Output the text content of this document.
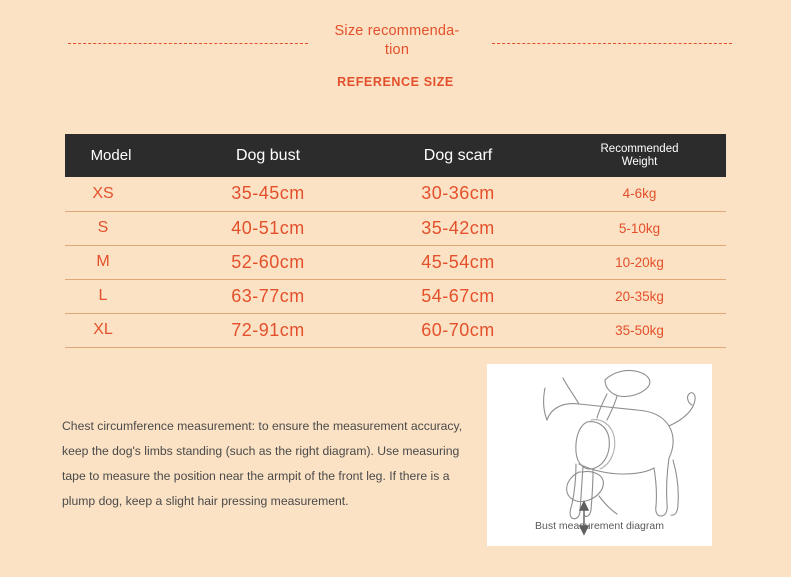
Size recommenda- tion
REFERENCE SIZE
Model	Dog bust	Dog scarf	Recommended
Weight

XS	35-45cm	30-36cm	4-6kg
S	40-51cm	35-42cm	5-10kg
M	52-60cm	45-54cm	10-20kg
L	63-77cm	54-67cm	20-35kg
XL	72-91cm	60-70cm	35-50kg
Chest circumference measurement: to ensure the measurement accuracy, keep the dog's limbs standing (such as the right diagram). Use measuring tape to measure the position near the armpit of the front leg. If there is a plump dog, keep a slight hair pressing measurement.
Bust measurement diagram
